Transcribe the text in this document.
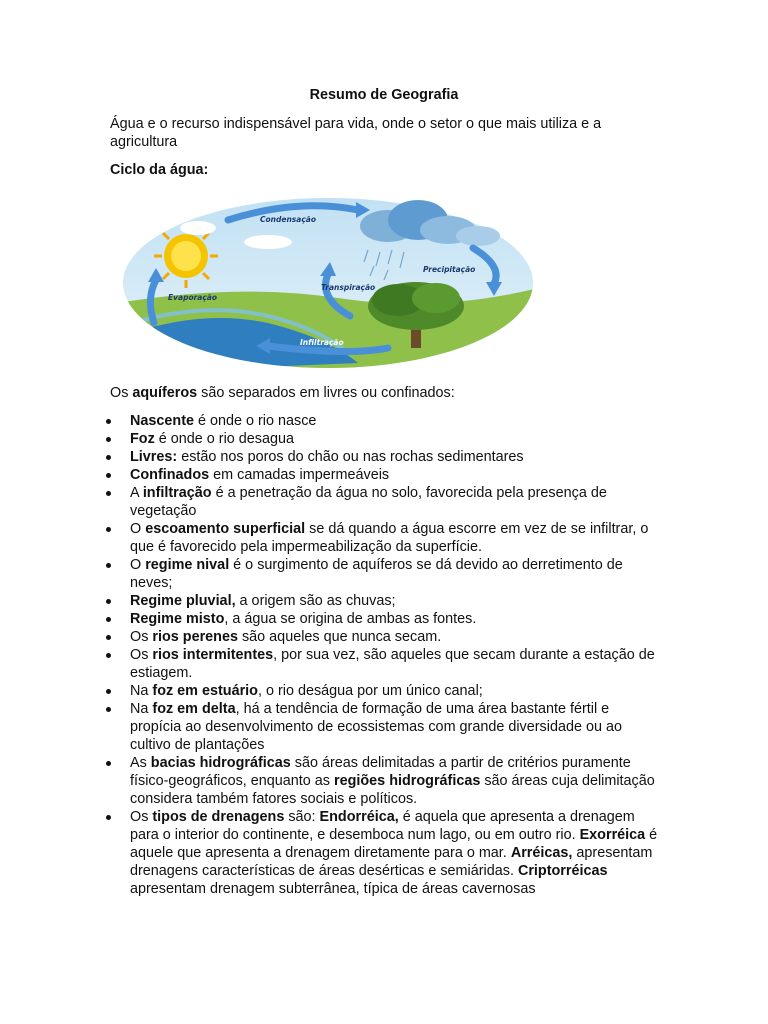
Resumo de Geografia
Água e o recurso indispensável para vida, onde o setor o que mais utiliza e a agricultura
Ciclo da água:
Condensação
Precipitação
Evaporação
Transpiração
Infiltração
Os aquíferos são separados em livres ou confinados:
Nascente é onde o rio nasce
Foz é onde o rio desagua
Livres: estão nos poros do chão ou nas rochas sedimentares
Confinados em camadas impermeáveis
A infiltração é a penetração da água no solo, favorecida pela presença de vegetação
O escoamento superficial se dá quando a água escorre em vez de se infiltrar, o que é favorecido pela impermeabilização da superfície.
O regime nival é o surgimento de aquíferos se dá devido ao derretimento de neves;
Regime pluvial, a origem são as chuvas;
Regime misto, a água se origina de ambas as fontes.
Os rios perenes são aqueles que nunca secam.
Os rios intermitentes, por sua vez, são aqueles que secam durante a estação de estiagem.
Na foz em estuário, o rio deságua por um único canal;
Na foz em delta, há a tendência de formação de uma área bastante fértil e propícia ao desenvolvimento de ecossistemas com grande diversidade ou ao cultivo de plantações
As bacias hidrográficas são áreas delimitadas a partir de critérios puramente físico-geográficos, enquanto as regiões hidrográficas são áreas cuja delimitação considera também fatores sociais e políticos.
Os tipos de drenagens são: Endorréica, é aquela que apresenta a drenagem para o interior do continente, e desemboca num lago, ou em outro rio. Exorréica é aquele que apresenta a drenagem diretamente para o mar. Arréicas, apresentam drenagens características de áreas desérticas e semiáridas. Criptorréicas apresentam drenagem subterrânea, típica de áreas cavernosas
